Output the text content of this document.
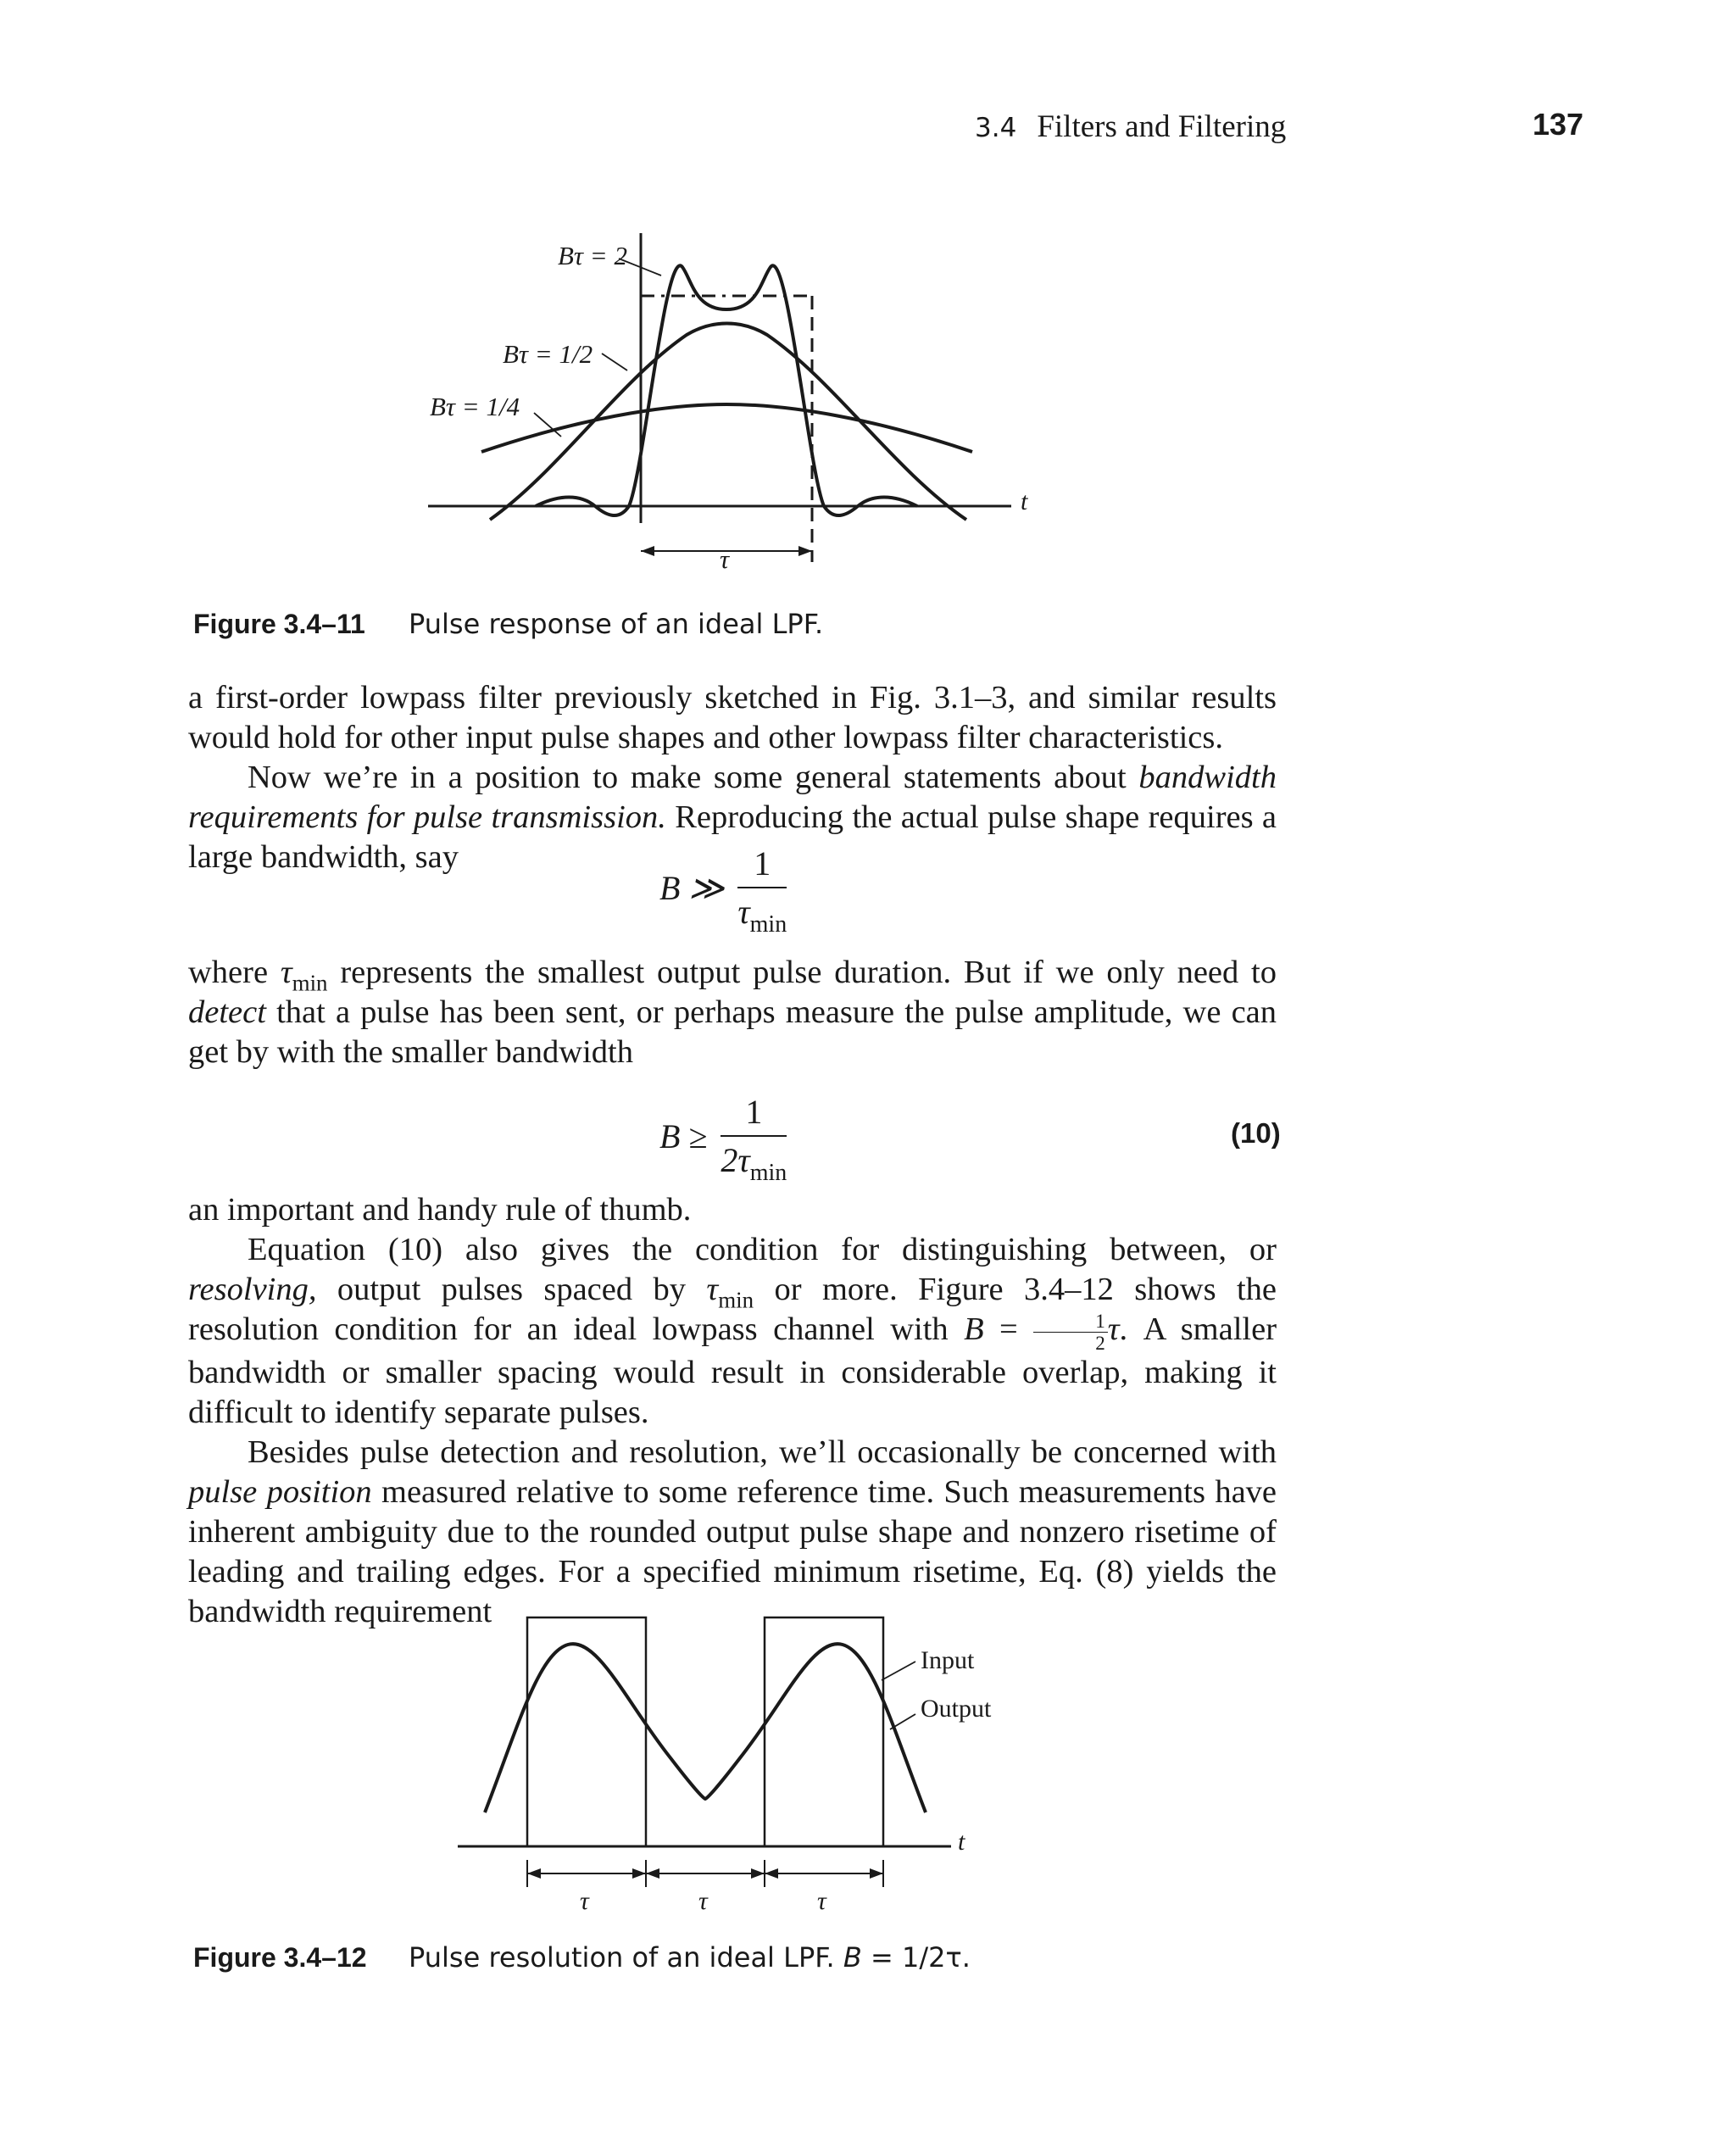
3.4 Filters and Filtering	137
Bτ = 2
Bτ = 1/2
Bτ = 1/4
t
τ
Figure 3.4–11 Pulse response of an ideal LPF.

a first-order lowpass filter previously sketched in Fig. 3.1–3, and similar results would hold for other input pulse shapes and other lowpass filter characteristics.

Now we’re in a position to make some general statements about bandwidth requirements for pulse transmission. Reproducing the actual pulse shape requires a large bandwidth, say

B ≫ $\frac{1}{\tau_{min}}$

where $\tau_{min}$ represents the smallest output pulse duration. But if we only need to detect that a pulse has been sent, or perhaps measure the pulse amplitude, we can get by with the smaller bandwidth

$B \ge \frac{1}{2\tau_{min}}$	(10)

an important and handy rule of thumb.

Equation (10) also gives the condition for distinguishing between, or resolving, output pulses spaced by $\tau_{min}$ or more. Figure 3.4–12 shows the resolution condition for an ideal lowpass channel with $B = \frac{1}{2} \tau$. A smaller bandwidth or smaller spacing would result in considerable overlap, making it difficult to identify separate pulses.

Besides pulse detection and resolution, we’ll occasionally be concerned with pulse position measured relative to some reference time. Such measurements have inherent ambiguity due to the rounded output pulse shape and nonzero risetime of leading and trailing edges. For a specified minimum risetime, Eq. (8) yields the bandwidth requirement

Input
Output
t
τ	τ	τ
Figure 3.4–12 Pulse resolution of an ideal LPF. B = 1/2τ.
